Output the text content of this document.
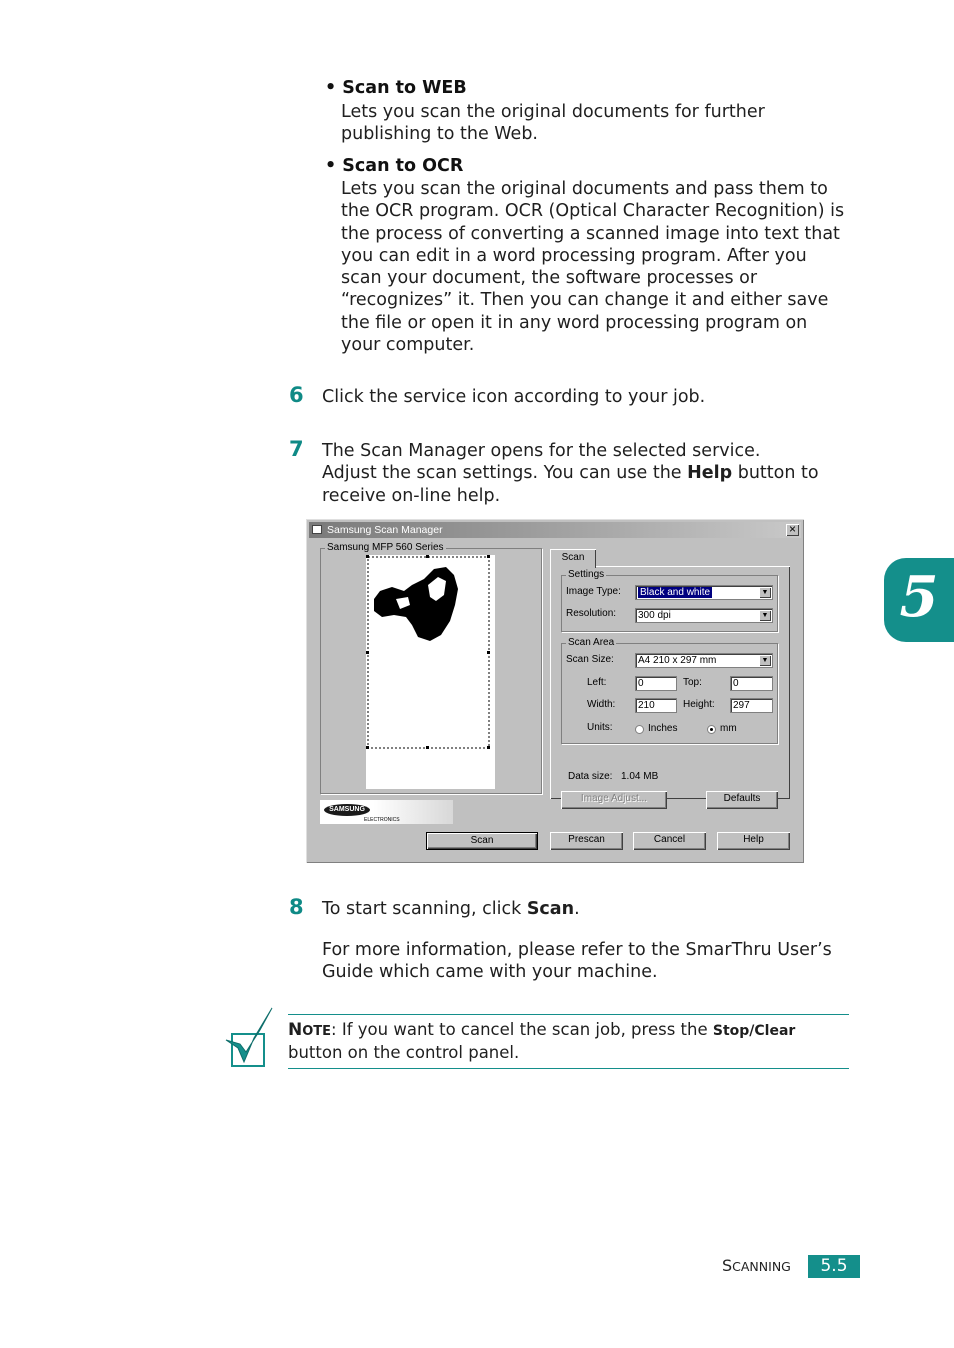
• Scan to WEB
Lets you scan the original documents for further
publishing to the Web.
• Scan to OCR
Lets you scan the original documents and pass them to
the OCR program. OCR (Optical Character Recognition) is
the process of converting a scanned image into text that
you can edit in a word processing program. After you
scan your document, the software processes or
“recognizes” it. Then you can change it and either save
the file or open it in any word processing program on
your computer.
6 Click the service icon according to your job.
7 The Scan Manager opens for the selected service.
Adjust the scan settings. You can use the Help button to
receive on-line help.
5
Samsung Scan Manager	×
Samsung MFP 560 Series
SAMSUNG
ELECTRONICS
Scan
Settings
Image Type:	Black and white	▼
Resolution:	300 dpi	▼
Scan Area
Scan Size:	A4 210 x 297 mm	▼
Left:	0	Top:	0
Width:	210	Height:	297
Units:	Inches	mm
Data size: 1.04 MB
Image Adjust...	Defaults
Scan	Prescan	Cancel	Help
8 To start scanning, click Scan.
For more information, please refer to the SmarThru User’s
Guide which came with your machine.
NOTE: If you want to cancel the scan job, press the Stop/Clear
button on the control panel.
SCANNING	5.5
